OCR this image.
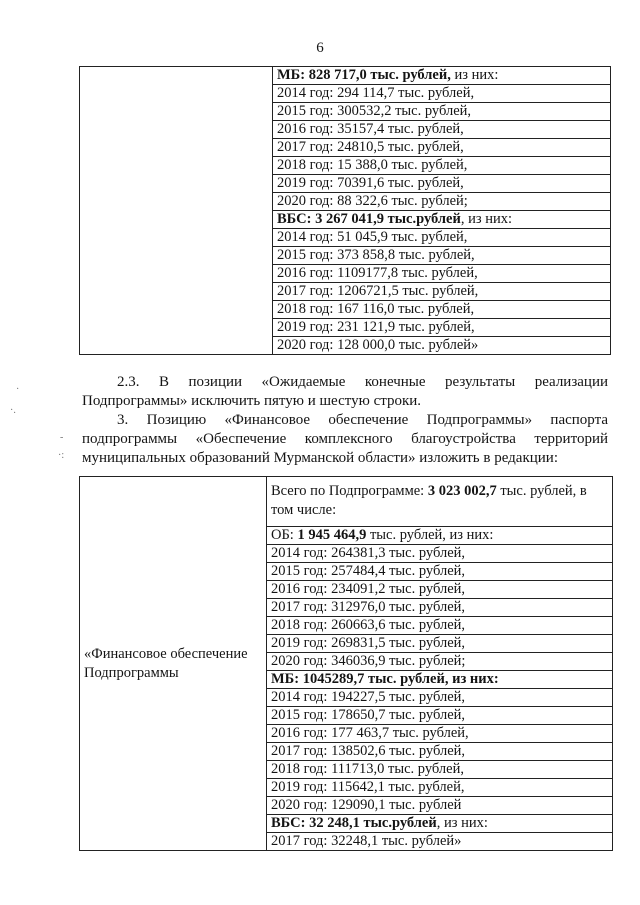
6
	МБ: 828 717,0 тыс. рублей, из них:
2014 год: 294 114,7 тыс. рублей,
2015 год: 300532,2 тыс. рублей,
2016 год: 35157,4 тыс. рублей,
2017 год: 24810,5 тыс. рублей,
2018 год: 15 388,0 тыс. рублей,
2019 год: 70391,6 тыс. рублей,
2020 год: 88 322,6 тыс. рублей;
ВБС: 3 267 041,9 тыс.рублей, из них:
2014 год: 51 045,9 тыс. рублей,
2015 год: 373 858,8 тыс. рублей,
2016 год: 1109177,8 тыс. рублей,
2017 год: 1206721,5 тыс. рублей,
2018 год: 167 116,0 тыс. рублей,
2019 год: 231 121,9 тыс. рублей,
2020 год: 128 000,0 тыс. рублей»
2.3. В позиции «Ожидаемые конечные результаты реализации
Подпрограммы» исключить пятую и шестую строки.
3. Позицию «Финансовое обеспечение Подпрограммы» паспорта
подпрограммы «Обеспечение комплексного благоустройства территорий
муниципальных образований Мурманской области» изложить в редакции:
·
·.
-
·:
«Финансовое обеспечение Подпрограммы	Всего по Подпрограмме: 3 023 002,7 тыс. рублей, в том числе:
ОБ: 1 945 464,9 тыс. рублей, из них:
2014 год: 264381,3 тыс. рублей,
2015 год: 257484,4 тыс. рублей,
2016 год: 234091,2 тыс. рублей,
2017 год: 312976,0 тыс. рублей,
2018 год: 260663,6 тыс. рублей,
2019 год: 269831,5 тыс. рублей,
2020 год: 346036,9 тыс. рублей;
МБ: 1045289,7 тыс. рублей, из них:
2014 год: 194227,5 тыс. рублей,
2015 год: 178650,7 тыс. рублей,
2016 год: 177 463,7 тыс. рублей,
2017 год: 138502,6 тыс. рублей,
2018 год: 111713,0 тыс. рублей,
2019 год: 115642,1 тыс. рублей,
2020 год: 129090,1 тыс. рублей
ВБС: 32 248,1 тыс.рублей, из них:
2017 год: 32248,1 тыс. рублей»
